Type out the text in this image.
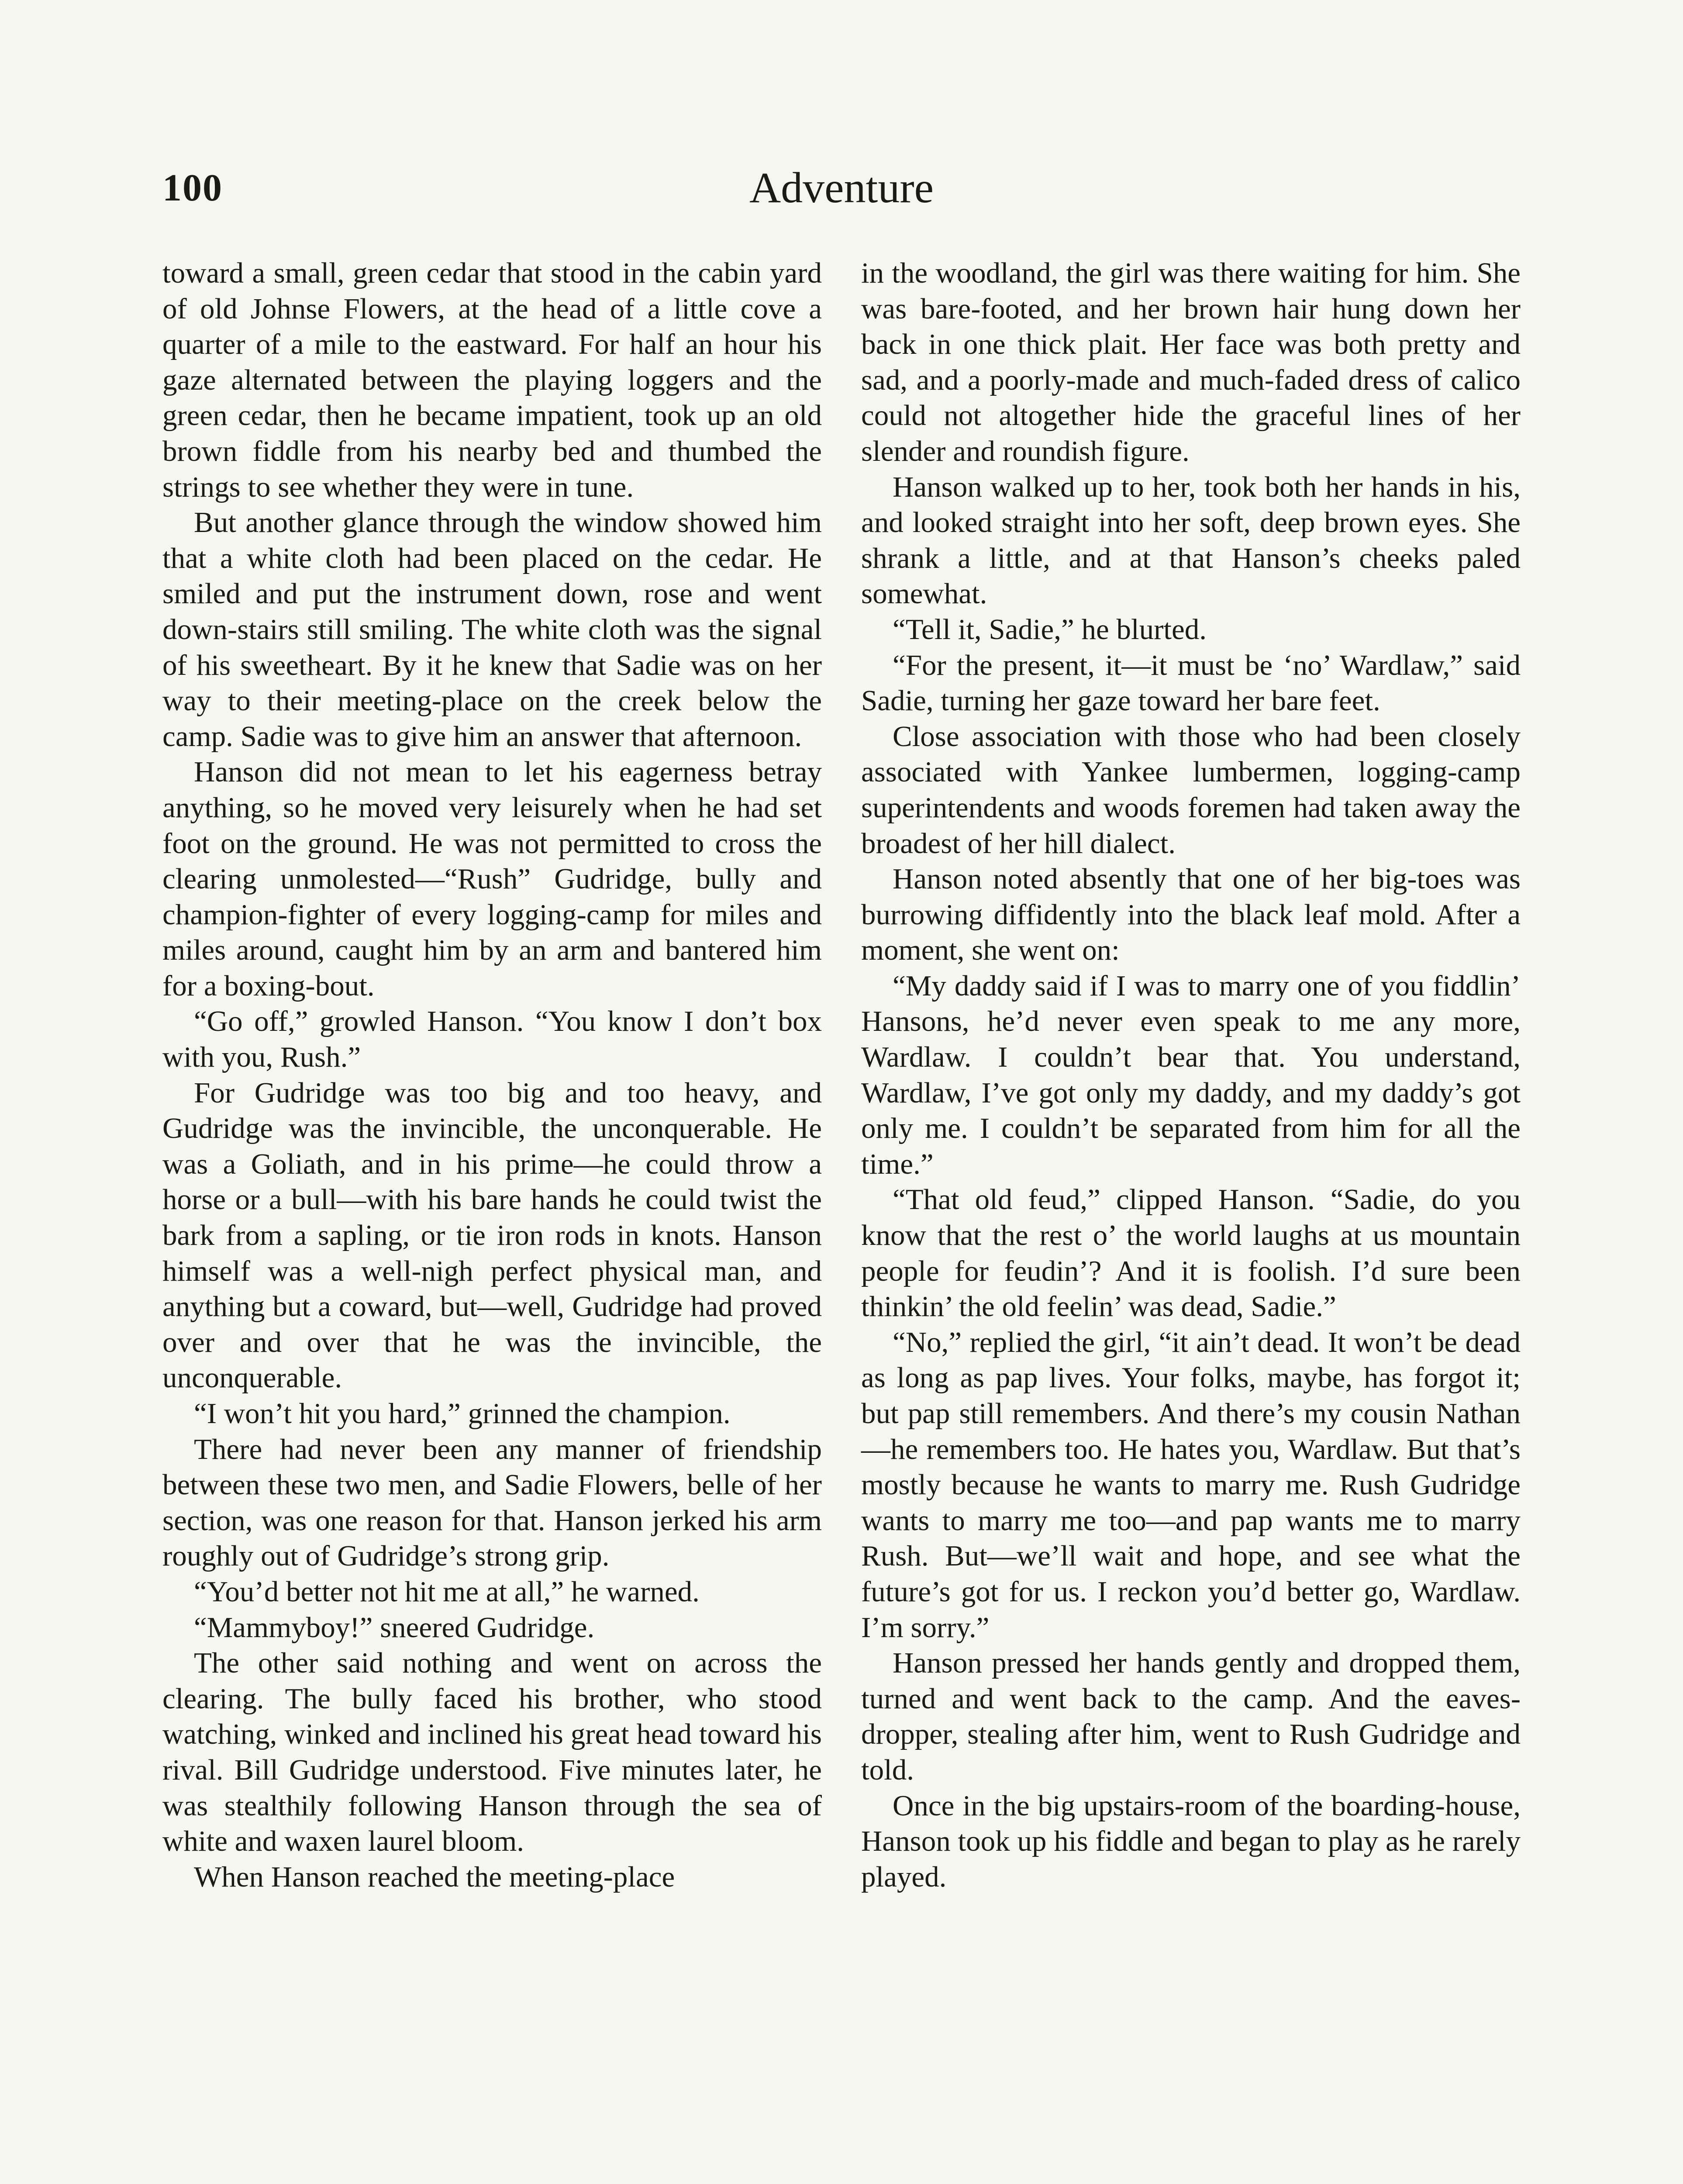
100	Adventure

toward a small, green cedar that stood in the cabin yard of old Johnse Flowers, at the head of a little cove a quarter of a mile to the eastward. For half an hour his gaze alternated between the playing loggers and the green cedar, then he became impatient, took up an old brown fiddle from his nearby bed and thumbed the strings to see whether they were in tune.

But another glance through the window showed him that a white cloth had been placed on the cedar. He smiled and put the instrument down, rose and went down-stairs still smiling. The white cloth was the signal of his sweetheart. By it he knew that Sadie was on her way to their meeting-place on the creek below the camp. Sadie was to give him an answer that afternoon.

Hanson did not mean to let his eagerness betray anything, so he moved very leisurely when he had set foot on the ground. He was not permitted to cross the clearing unmolested—“Rush” Gudridge, bully and champion-fighter of every logging-camp for miles and miles around, caught him by an arm and bantered him for a boxing-bout.

“Go off,” growled Hanson. “You know I don’t box with you, Rush.”

For Gudridge was too big and too heavy, and Gudridge was the invincible, the unconquerable. He was a Goliath, and in his prime—he could throw a horse or a bull—with his bare hands he could twist the bark from a sapling, or tie iron rods in knots. Hanson himself was a well-nigh perfect physical man, and anything but a coward, but—well, Gudridge had proved over and over that he was the invincible, the unconquerable.

“I won’t hit you hard,” grinned the champion.

There had never been any manner of friendship between these two men, and Sadie Flowers, belle of her section, was one reason for that. Hanson jerked his arm roughly out of Gudridge’s strong grip.

“You’d better not hit me at all,” he warned.

“Mammyboy!” sneered Gudridge.

The other said nothing and went on across the clearing. The bully faced his brother, who stood watching, winked and inclined his great head toward his rival. Bill Gudridge understood. Five minutes later, he was stealthily following Hanson through the sea of white and waxen laurel bloom.

When Hanson reached the meeting-place

in the woodland, the girl was there waiting for him. She was bare-footed, and her brown hair hung down her back in one thick plait. Her face was both pretty and sad, and a poorly-made and much-faded dress of calico could not altogether hide the graceful lines of her slender and roundish figure.

Hanson walked up to her, took both her hands in his, and looked straight into her soft, deep brown eyes. She shrank a little, and at that Hanson’s cheeks paled somewhat.

“Tell it, Sadie,” he blurted.

“For the present, it—it must be ‘no’ Wardlaw,” said Sadie, turning her gaze toward her bare feet.

Close association with those who had been closely associated with Yankee lumbermen, logging-camp superintendents and woods foremen had taken away the broadest of her hill dialect.

Hanson noted absently that one of her big-toes was burrowing diffidently into the black leaf mold. After a moment, she went on:

“My daddy said if I was to marry one of you fiddlin’ Hansons, he’d never even speak to me any more, Wardlaw. I couldn’t bear that. You understand, Wardlaw, I’ve got only my daddy, and my daddy’s got only me. I couldn’t be separated from him for all the time.”

“That old feud,” clipped Hanson. “Sadie, do you know that the rest o’ the world laughs at us mountain people for feudin’? And it is foolish. I’d sure been thinkin’ the old feelin’ was dead, Sadie.”

“No,” replied the girl, “it ain’t dead. It won’t be dead as long as pap lives. Your folks, maybe, has forgot it; but pap still remembers. And there’s my cousin Nathan—he remembers too. He hates you, Wardlaw. But that’s mostly because he wants to marry me. Rush Gudridge wants to marry me too—and pap wants me to marry Rush. But—we’ll wait and hope, and see what the future’s got for us. I reckon you’d better go, Wardlaw. I’m sorry.”

Hanson pressed her hands gently and dropped them, turned and went back to the camp. And the eaves-dropper, stealing after him, went to Rush Gudridge and told.

Once in the big upstairs-room of the boarding-house, Hanson took up his fiddle and began to play as he rarely played.
